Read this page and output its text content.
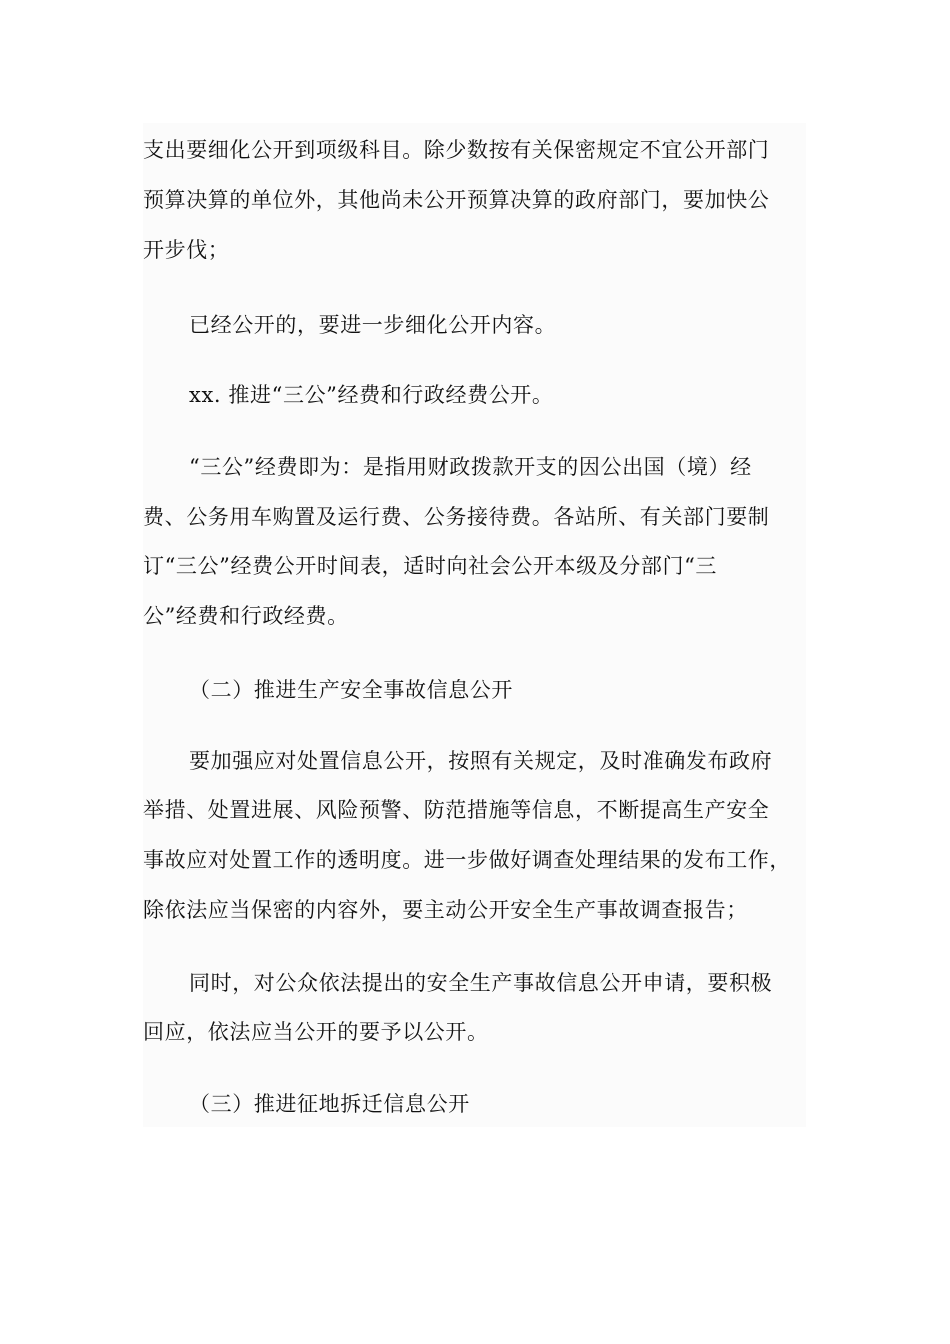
支出要细化公开到项级科目。除少数按有关保密规定不宜公开部门
预算决算的单位外，其他尚未公开预算决算的政府部门，要加快公
开步伐；
已经公开的，要进一步细化公开内容。
xx. 推进“三公”经费和行政经费公开。
“三公”经费即为：是指用财政拨款开支的因公出国（境）经
费、公务用车购置及运行费、公务接待费。各站所、有关部门要制
订“三公”经费公开时间表，适时向社会公开本级及分部门“三
公”经费和行政经费。
（二）推进生产安全事故信息公开
要加强应对处置信息公开，按照有关规定，及时准确发布政府
举措、处置进展、风险预警、防范措施等信息，不断提高生产安全
事故应对处置工作的透明度。进一步做好调查处理结果的发布工作，
除依法应当保密的内容外，要主动公开安全生产事故调查报告；
同时，对公众依法提出的安全生产事故信息公开申请，要积极
回应，依法应当公开的要予以公开。
（三）推进征地拆迁信息公开
